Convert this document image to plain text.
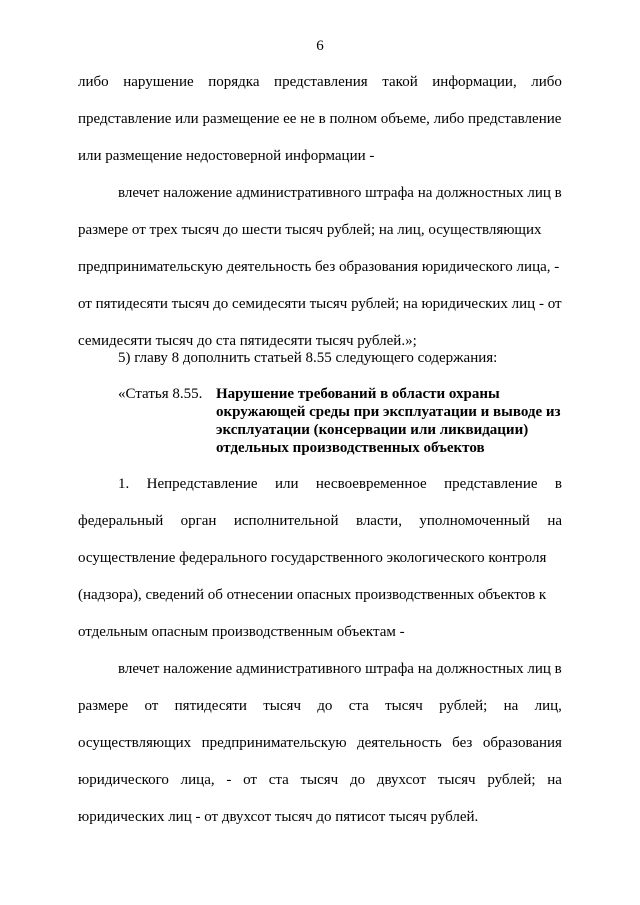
6
либо нарушение порядка представления такой информации, либо
представление или размещение ее не в полном объеме, либо представление
или размещение недостоверной информации -
влечет наложение административного штрафа на должностных лиц в
размере от трех тысяч до шести тысяч рублей; на лиц, осуществляющих
предпринимательскую деятельность без образования юридического лица, -
от пятидесяти тысяч до семидесяти тысяч рублей; на юридических лиц - от
семидесяти тысяч до ста пятидесяти тысяч рублей.»;
5) главу 8 дополнить статьей 8.55 следующего содержания:
1. Непредставление или несвоевременное представление в
федеральный орган исполнительной власти, уполномоченный на
осуществление федерального государственного экологического контроля
(надзора), сведений об отнесении опасных производственных объектов к
отдельным опасным производственным объектам -
влечет наложение административного штрафа на должностных лиц в
размере от пятидесяти тысяч до ста тысяч рублей; на лиц,
осуществляющих предпринимательскую деятельность без образования
юридического лица, - от ста тысяч до двухсот тысяч рублей; на
юридических лиц - от двухсот тысяч до пятисот тысяч рублей.
«Статья 8.55. Нарушение требований в области охраны
окружающей среды при эксплуатации и выводе из
эксплуатации (консервации или ликвидации)
отдельных производственных объектов
